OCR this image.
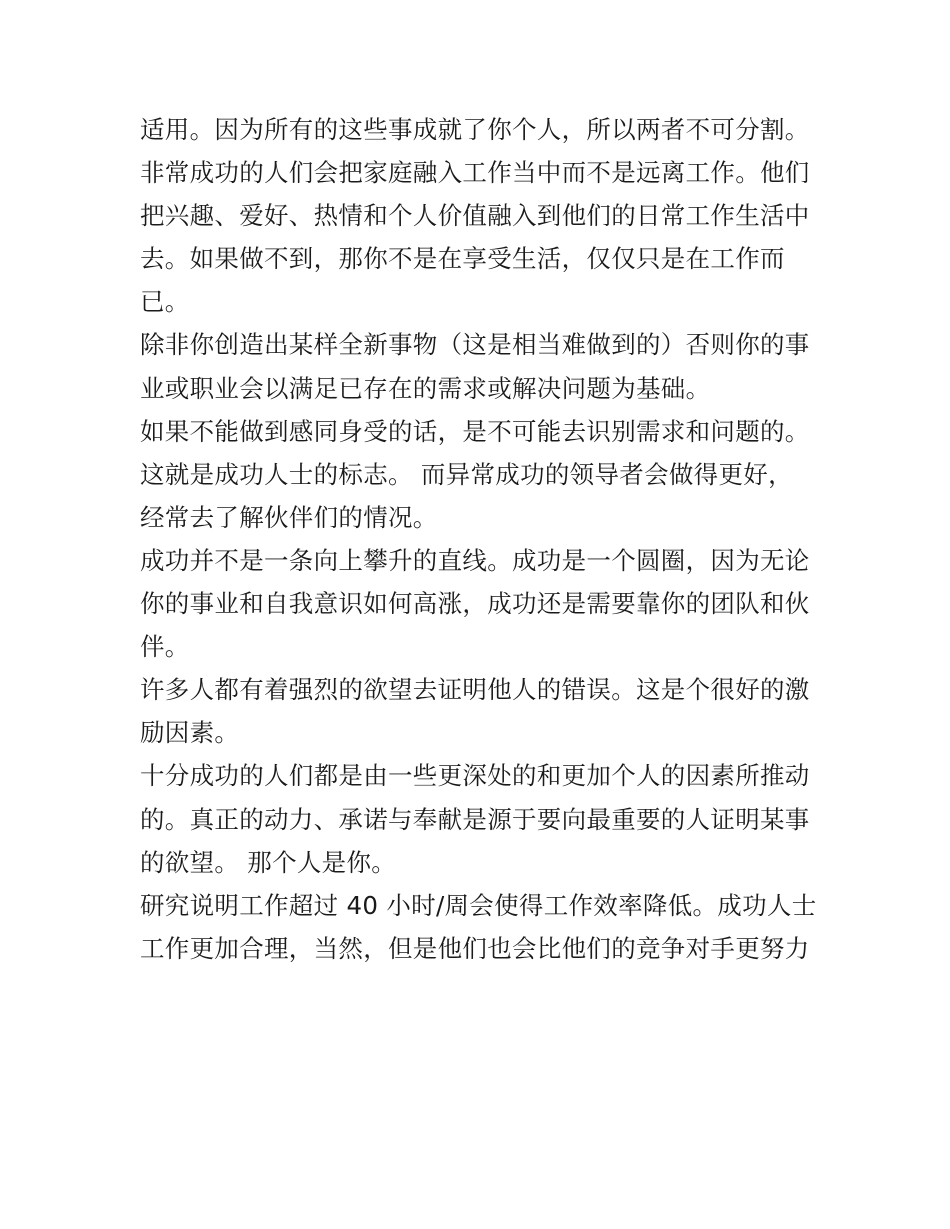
适用。因为所有的这些事成就了你个人，所以两者不可分割。
非常成功的人们会把家庭融入工作当中而不是远离工作。他们
把兴趣、爱好、热情和个人价值融入到他们的日常工作生活中
去。如果做不到，那你不是在享受生活，仅仅只是在工作而
已。
除非你创造出某样全新事物（这是相当难做到的）否则你的事
业或职业会以满足已存在的需求或解决问题为基础。
如果不能做到感同身受的话，是不可能去识别需求和问题的。
这就是成功人士的标志。 而异常成功的领导者会做得更好，
经常去了解伙伴们的情况。
成功并不是一条向上攀升的直线。成功是一个圆圈，因为无论
你的事业和自我意识如何高涨，成功还是需要靠你的团队和伙
伴。
许多人都有着强烈的欲望去证明他人的错误。这是个很好的激
励因素。
十分成功的人们都是由一些更深处的和更加个人的因素所推动
的。真正的动力、承诺与奉献是源于要向最重要的人证明某事
的欲望。 那个人是你。
研究说明工作超过 40 小时/周会使得工作效率降低。成功人士
工作更加合理，当然，但是他们也会比他们的竞争对手更努力
